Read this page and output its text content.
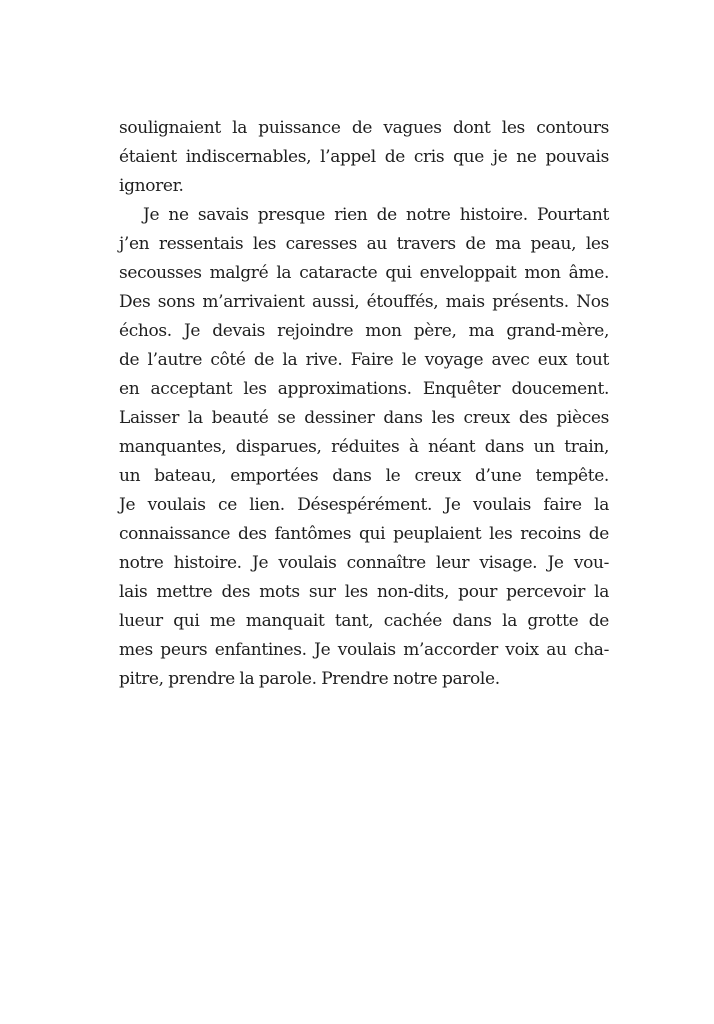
soulignaient la puissance de vagues dont les contours
étaient indiscernables, l’appel de cris que je ne pouvais
ignorer.
Je ne savais presque rien de notre histoire. Pourtant
j’en ressentais les caresses au travers de ma peau, les
secousses malgré la cataracte qui enveloppait mon âme.
Des sons m’arrivaient aussi, étouffés, mais présents. Nos
échos. Je devais rejoindre mon père, ma grand-mère,
de l’autre côté de la rive. Faire le voyage avec eux tout
en acceptant les approximations. Enquêter doucement.
Laisser la beauté se dessiner dans les creux des pièces
manquantes, disparues, réduites à néant dans un train,
un bateau, emportées dans le creux d’une tempête.
Je voulais ce lien. Désespérément. Je voulais faire la
connaissance des fantômes qui peuplaient les recoins de
notre histoire. Je voulais connaître leur visage. Je vou-
lais mettre des mots sur les non-dits, pour percevoir la
lueur qui me manquait tant, cachée dans la grotte de
mes peurs enfantines. Je voulais m’accorder voix au cha-
pitre, prendre la parole. Prendre notre parole.
